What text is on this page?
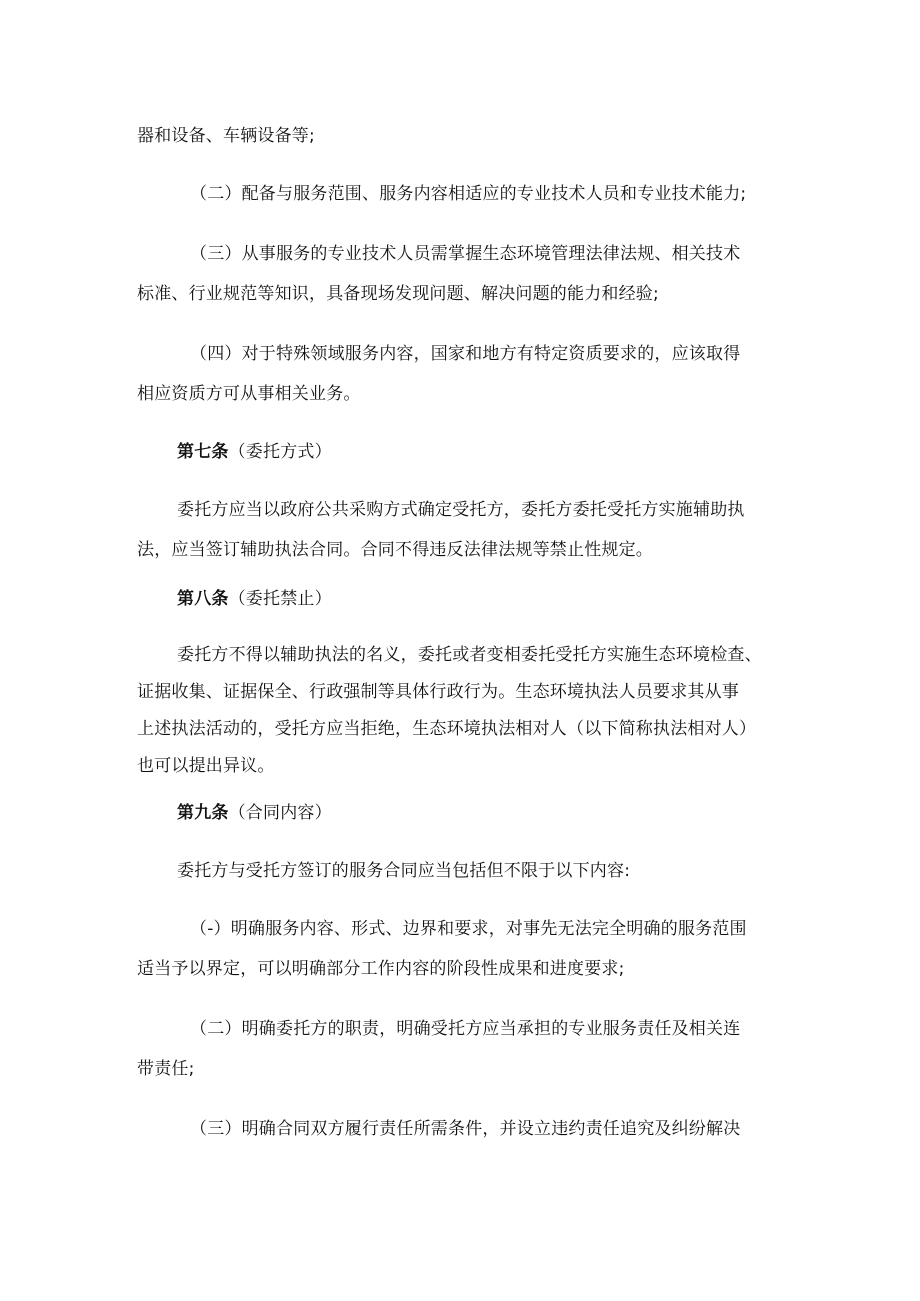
器和设备、车辆设备等;

（二）配备与服务范围、服务内容相适应的专业技术人员和专业技术能力;

（三）从事服务的专业技术人员需掌握生态环境管理法律法规、相关技术

标准、行业规范等知识，具备现场发现问题、解决问题的能力和经验;

（四）对于特殊领域服务内容，国家和地方有特定资质要求的，应该取得

相应资质方可从事相关业务。

第七条（委托方式）

委托方应当以政府公共采购方式确定受托方，委托方委托受托方实施辅助执

法，应当签订辅助执法合同。合同不得违反法律法规等禁止性规定。

第八条（委托禁止）

委托方不得以辅助执法的名义，委托或者变相委托受托方实施生态环境检查、

证据收集、证据保全、行政强制等具体行政行为。生态环境执法人员要求其从事

上述执法活动的，受托方应当拒绝，生态环境执法相对人（以下简称执法相对人）

也可以提出异议。

第九条（合同内容）

委托方与受托方签订的服务合同应当包括但不限于以下内容:

（-）明确服务内容、形式、边界和要求，对事先无法完全明确的服务范围

适当予以界定，可以明确部分工作内容的阶段性成果和进度要求;

（二）明确委托方的职责，明确受托方应当承担的专业服务责任及相关连

带责任;

（三）明确合同双方履行责任所需条件，并设立违约责任追究及纠纷解决
